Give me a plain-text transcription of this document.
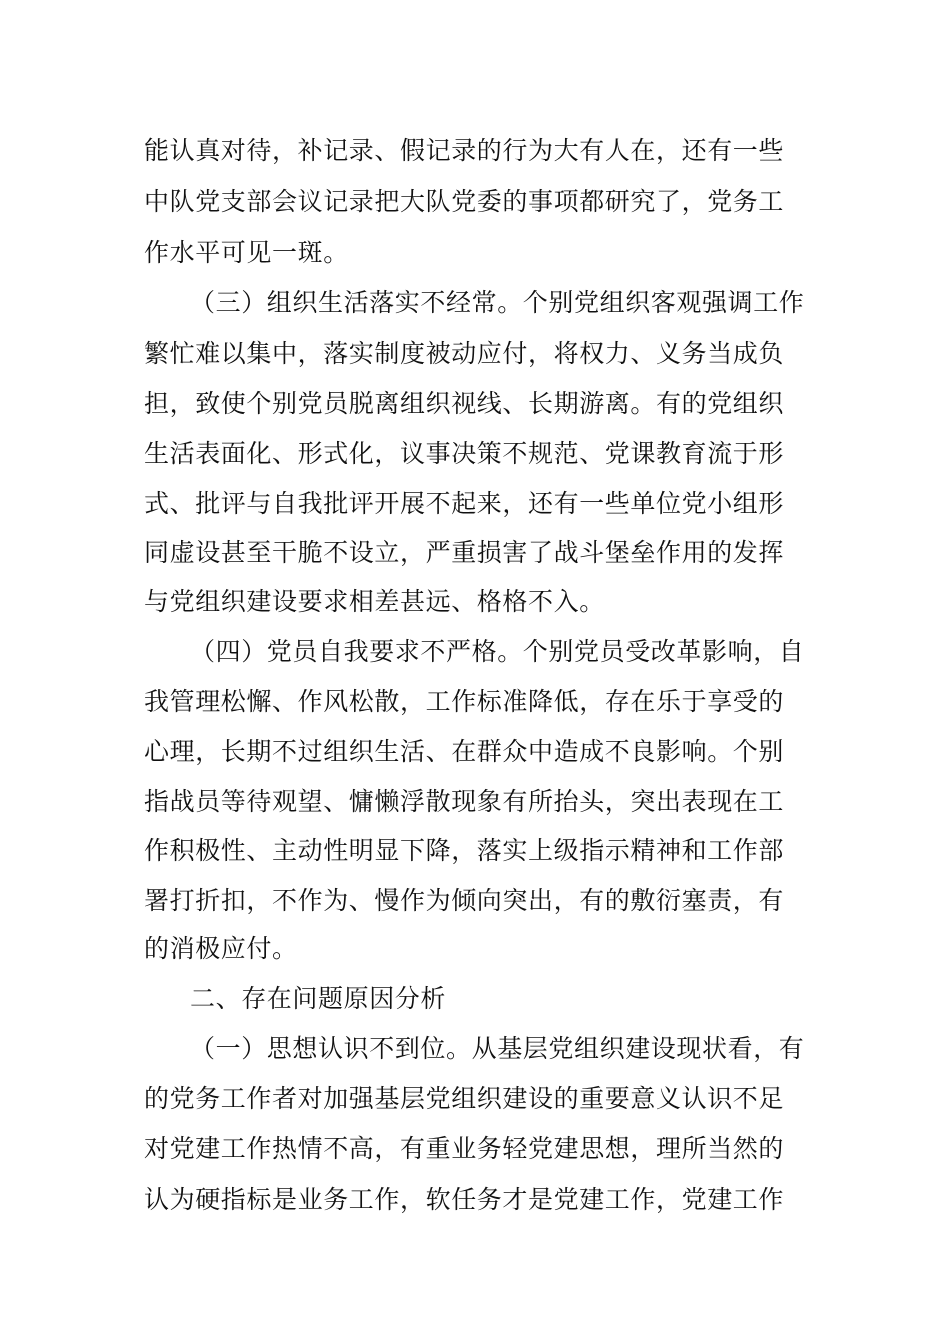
能认真对待，补记录、假记录的行为大有人在，还有一些
中队党支部会议记录把大队党委的事项都研究了，党务工
作水平可见一斑。
（三）组织生活落实不经常。个别党组织客观强调工作
繁忙难以集中，落实制度被动应付，将权力、义务当成负
担，致使个别党员脱离组织视线、长期游离。有的党组织
生活表面化、形式化，议事决策不规范、党课教育流于形
式、批评与自我批评开展不起来，还有一些单位党小组形
同虚设甚至干脆不设立，严重损害了战斗堡垒作用的发挥
与党组织建设要求相差甚远、格格不入。
（四）党员自我要求不严格。个别党员受改革影响，自
我管理松懈、作风松散，工作标准降低，存在乐于享受的
心理，长期不过组织生活、在群众中造成不良影响。个别
指战员等待观望、慵懒浮散现象有所抬头，突出表现在工
作积极性、主动性明显下降，落实上级指示精神和工作部
署打折扣，不作为、慢作为倾向突出，有的敷衍塞责，有
的消极应付。
二、存在问题原因分析
（一）思想认识不到位。从基层党组织建设现状看，有
的党务工作者对加强基层党组织建设的重要意义认识不足
对党建工作热情不高，有重业务轻党建思想，理所当然的
认为硬指标是业务工作，软任务才是党建工作，党建工作
